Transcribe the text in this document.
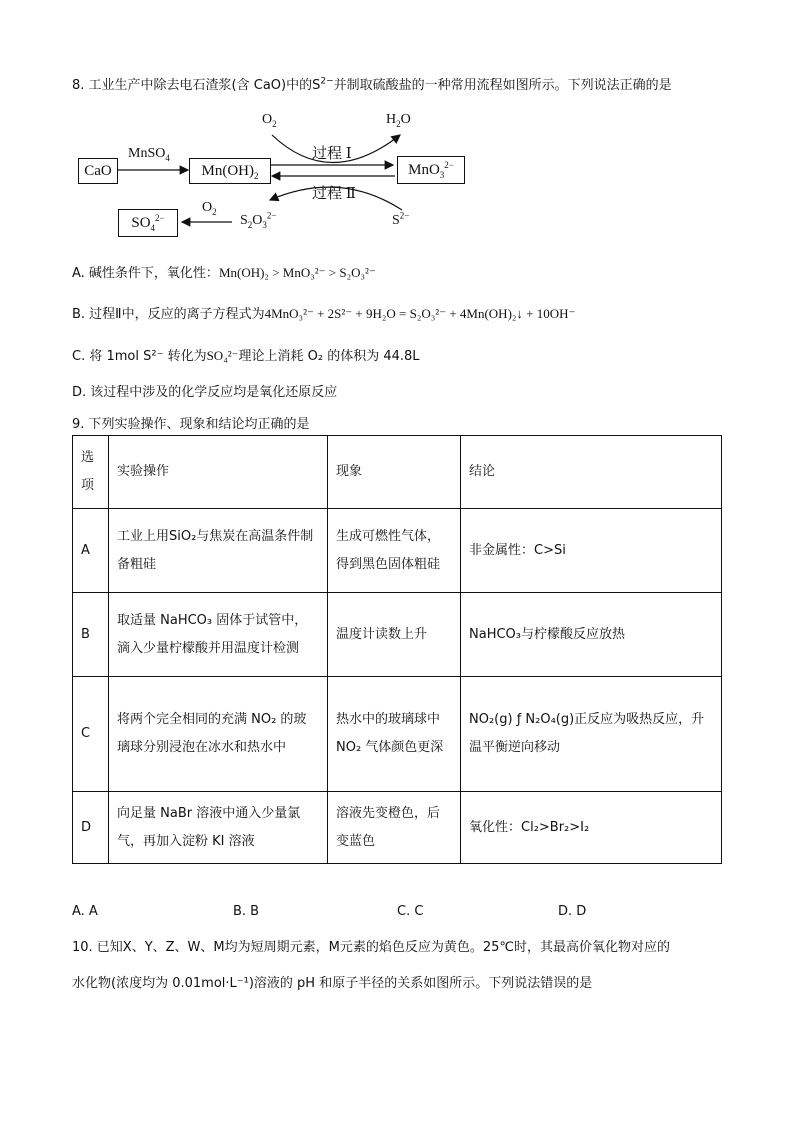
8. 工业生产中除去电石渣浆(含 CaO)中的$S^{2-}$并制取硫酸盐的一种常用流程如图所示。下列说法正确的是
CaO
MnSO$_4$
$Mn(OH)_2$	MnO$_3^{2-}$
$O_2$	$H_2O$
过程 Ⅰ
过程 Ⅱ
$SO_4^{2-}$
$O_2$
$S_2O_3^{2-}$	$S^{2-}$
A. 碱性条件下，氧化性：Mn(OH)₂ > MnO₃²⁻ > S₂O₃²⁻
B. 过程Ⅱ中，反应的离子方程式为4MnO₃²⁻ + 2S²⁻ + 9H₂O = S₂O₃²⁻ + 4Mn(OH)₂↓ + 10OH⁻
C. 将 1mol S²⁻ 转化为SO₄²⁻理论上消耗 O₂ 的体积为 44.8L
D. 该过程中涉及的化学反应均是氧化还原反应
9. 下列实验操作、现象和结论均正确的是
选项	实验操作	现象	结论
A	工业上用SiO₂与焦炭在高温条件制备粗硅	生成可燃性气体，得到黑色固体粗硅	非金属性：C>Si
B	取适量 NaHCO₃ 固体于试管中，滴入少量柠檬酸并用温度计检测	温度计读数上升	NaHCO₃与柠檬酸反应放热
C	将两个完全相同的充满 NO₂ 的玻璃球分别浸泡在冰水和热水中	热水中的玻璃球中 NO₂ 气体颜色更深	NO₂(g) ƒ N₂O₄(g)正反应为吸热反应，升温平衡逆向移动
D	向足量 NaBr 溶液中通入少量氯气，再加入淀粉 KI 溶液	溶液先变橙色，后变蓝色	氧化性：Cl₂>Br₂>I₂
A. A	B. B	C. C	D. D
10. 已知X、Y、Z、W、M均为短周期元素，M元素的焰色反应为黄色。25℃时，其最高价氧化物对应的
水化物(浓度均为 0.01mol·L⁻¹)溶液的 pH 和原子半径的关系如图所示。下列说法错误的是
